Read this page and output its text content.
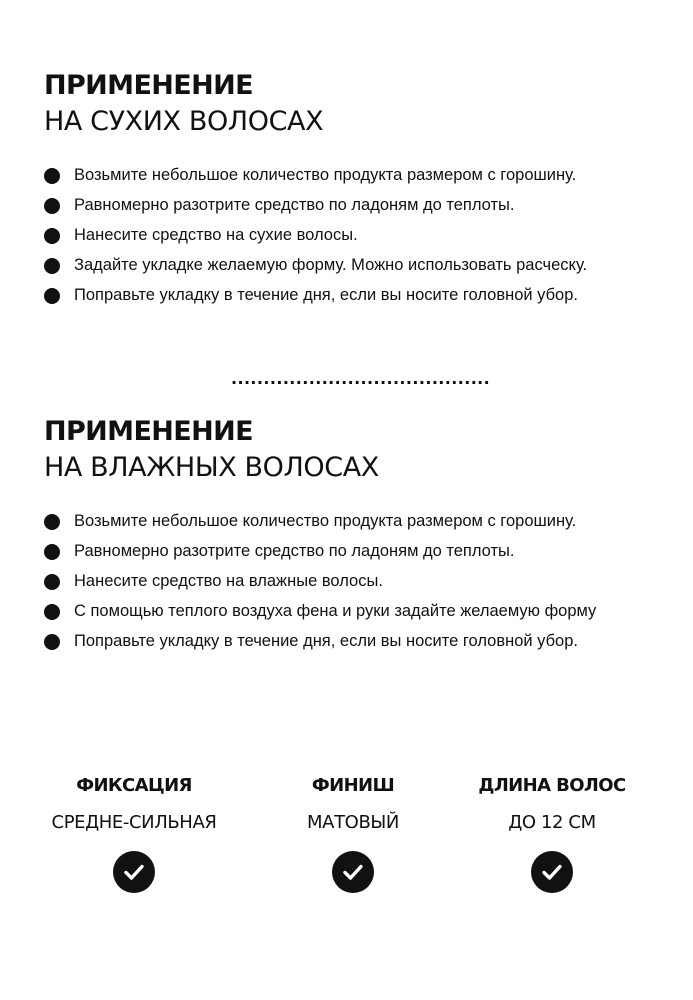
ПРИМЕНЕНИЕ
НА СУХИХ ВОЛОСАХ
Возьмите небольшое количество продукта размером с горошину.
Равномерно разотрите средство по ладоням до теплоты.
Нанесите средство на сухие волосы.
Задайте укладке желаемую форму. Можно использовать расческу.
Поправьте укладку в течение дня, если вы носите головной убор.
........................................
ПРИМЕНЕНИЕ
НА ВЛАЖНЫХ ВОЛОСАХ
Возьмите небольшое количество продукта размером с горошину.
Равномерно разотрите средство по ладоням до теплоты.
Нанесите средство на влажные волосы.
С помощью теплого воздуха фена и руки задайте желаемую форму
Поправьте укладку в течение дня, если вы носите головной убор.
ФИКСАЦИЯ
СРЕДНЕ-СИЛЬНАЯ
ФИНИШ
МАТОВЫЙ
ДЛИНА ВОЛОС
ДО 12 СМ
